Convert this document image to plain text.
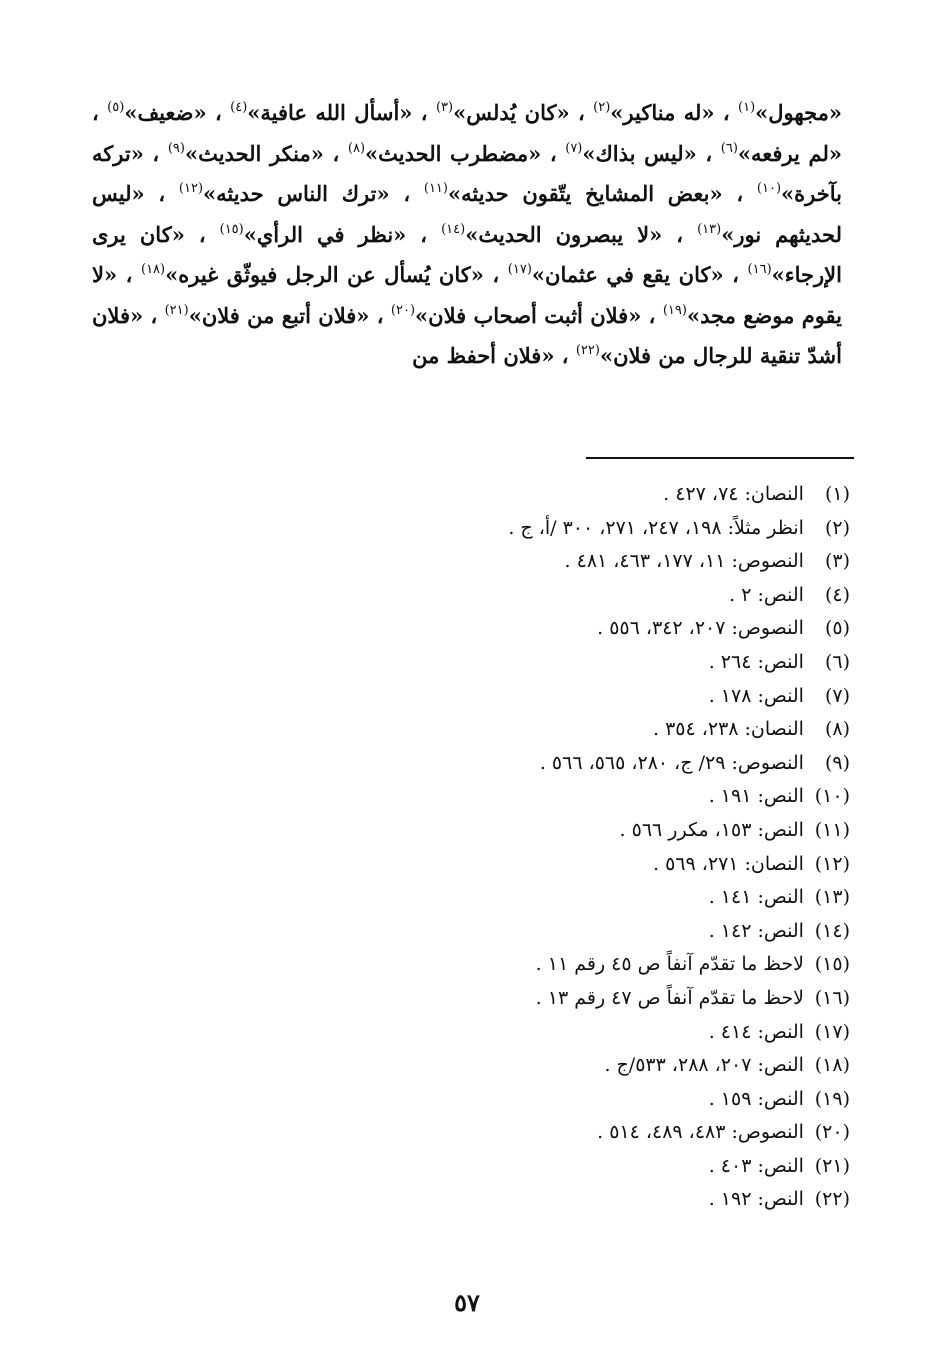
«مجهول»$^{(١)}$ ، «له مناكير»$^{(٢)}$ ، «كان يُدلس»$^{(٣)}$ ، «أسأل الله عافية»$^{(٤)}$ ، «ضعيف»$^{(٥)}$ ، «لم يرفعه»$^{(٦)}$ ، «ليس بذاك»$^{(٧)}$ ، «مضطرب الحديث»$^{(٨)}$ ، «منكر الحديث»$^{(٩)}$ ، «تركه بآخرة»$^{(١٠)}$ ، «بعض المشايخ يتّقون حديثه»$^{(١١)}$ ، «ترك الناس حديثه»$^{(١٢)}$ ، «ليس لحديثهم نور»$^{(١٣)}$ ، «لا يبصرون الحديث»$^{(١٤)}$ ، «نظر في الرأي»$^{(١٥)}$ ، «كان يرى الإرجاء»$^{(١٦)}$ ، «كان يقع في عثمان»$^{(١٧)}$ ، «كان يُسأل عن الرجل فيوثّق غيره»$^{(١٨)}$ ، «لا يقوم موضع مجد»$^{(١٩)}$ ، «فلان أثبت أصحاب فلان»$^{(٢٠)}$ ، «فلان أتبع من فلان»$^{(٢١)}$ ، «فلان أشدّ تنقية للرجال من فلان»$^{(٢٢)}$ ، «فلان أحفظ من

(١) النصان: ٧٤، ٤٢٧ .
(٢) انظر مثلاً: ١٩٨، ٢٤٧، ٢٧١، ٣٠٠ /أ، ج .
(٣) النصوص: ١١، ١٧٧، ٤٦٣، ٤٨١ .
(٤) النص: ٢ .
(٥) النصوص: ٢٠٧، ٣٤٢، ٥٥٦ .
(٦) النص: ٢٦٤ .
(٧) النص: ١٧٨ .
(٨) النصان: ٢٣٨، ٣٥٤ .
(٩) النصوص: ٢٩/ ج، ٢٨٠، ٥٦٥، ٥٦٦ .
(١٠) النص: ١٩١ .
(١١) النص: ١٥٣، مكرر ٥٦٦ .
(١٢) النصان: ٢٧١، ٥٦٩ .
(١٣) النص: ١٤١ .
(١٤) النص: ١٤٢ .
(١٥) لاحظ ما تقدّم آنفاً ص ٤٥ رقم ١١ .
(١٦) لاحظ ما تقدّم آنفاً ص ٤٧ رقم ١٣ .
(١٧) النص: ٤١٤ .
(١٨) النص: ٢٠٧، ٢٨٨، ٥٣٣/ج .
(١٩) النص: ١٥٩ .
(٢٠) النصوص: ٤٨٣، ٤٨٩، ٥١٤ .
(٢١) النص: ٤٠٣ .
(٢٢) النص: ١٩٢ .
٥٧
